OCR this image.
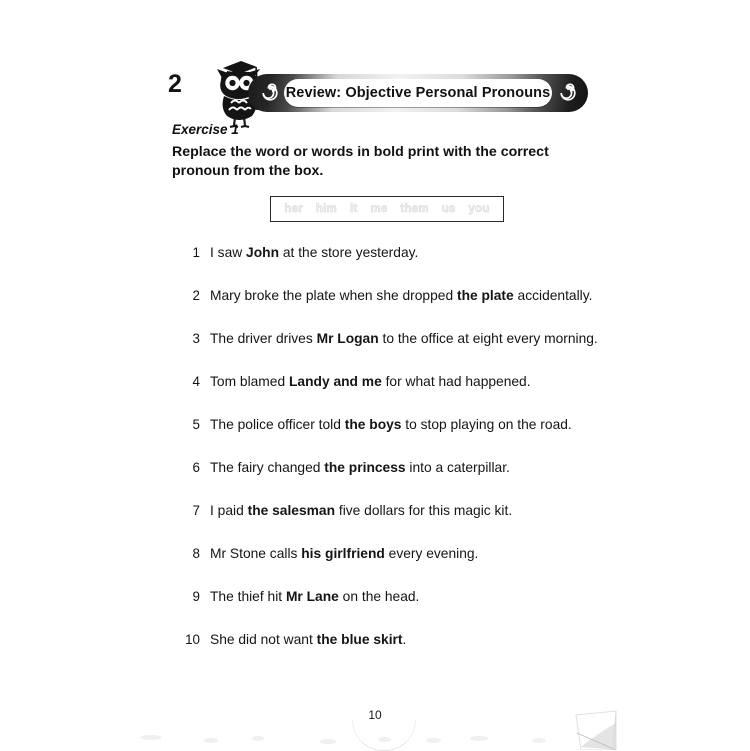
2	Review: Objective Personal Pronouns
Exercise 1
Replace the word or words in bold print with the correct pronoun from the box.
her him it me them us you
1 I saw John at the store yesterday.
2 Mary broke the plate when she dropped the plate accidentally.
3 The driver drives Mr Logan to the office at eight every morning.
4 Tom blamed Landy and me for what had happened.
5 The police officer told the boys to stop playing on the road.
6 The fairy changed the princess into a caterpillar.
7 I paid the salesman five dollars for this magic kit.
8 Mr Stone calls his girlfriend every evening.
9 The thief hit Mr Lane on the head.
10 She did not want the blue skirt.
10
